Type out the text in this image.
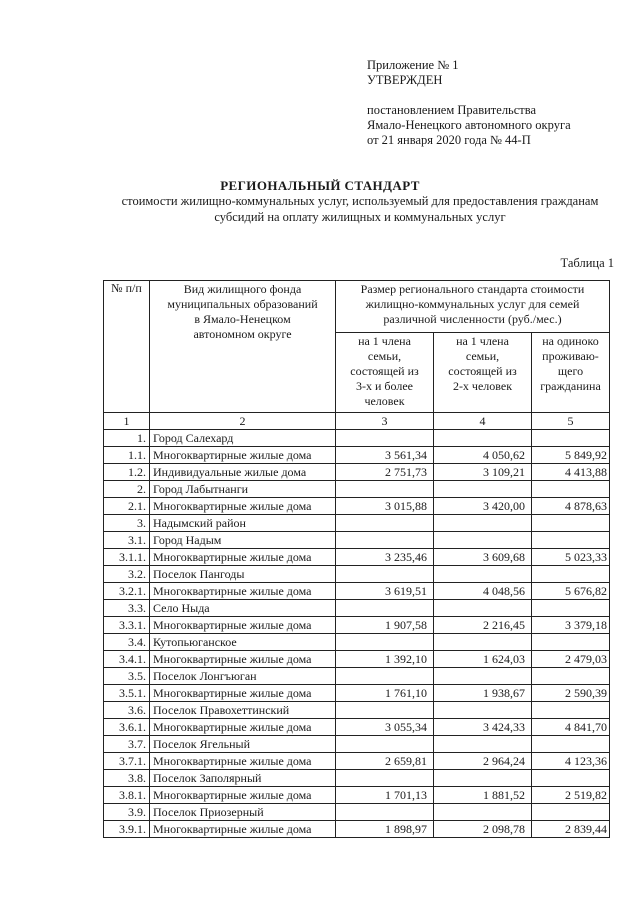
Приложение № 1
УТВЕРЖДЕН
постановлением Правительства
Ямало-Ненецкого автономного округа
от 21 января 2020 года № 44-П
РЕГИОНАЛЬНЫЙ СТАНДАРТ
стоимости жилищно-коммунальных услуг, используемый для предоставления гражданам
субсидий на оплату жилищных и коммунальных услуг
Таблица 1
№ п/п	Вид жилищного фонда муниципальных образований в Ямало-Ненецком автономном округе	Размер регионального стандарта стоимости жилищно-коммунальных услуг для семей различной численности (руб./мес.)		
		на 1 члена семьи, состоящей из 3-х и более человек	на 1 члена семьи, состоящей из 2-х человек	на одиноко проживаю-щего гражданина
1	2	3	4	5
1.	Город Салехард			
1.1.	Многоквартирные жилые дома	3 561,34	4 050,62	5 849,92
1.2.	Индивидуальные жилые дома	2 751,73	3 109,21	4 413,88
2.	Город Лабытнанги			
2.1.	Многоквартирные жилые дома	3 015,88	3 420,00	4 878,63
3.	Надымский район			
3.1.	Город Надым			
3.1.1.	Многоквартирные жилые дома	3 235,46	3 609,68	5 023,33
3.2.	Поселок Пангоды			
3.2.1.	Многоквартирные жилые дома	3 619,51	4 048,56	5 676,82
3.3.	Село Ныда			
3.3.1.	Многоквартирные жилые дома	1 907,58	2 216,45	3 379,18
3.4.	Кутопьюганское			
3.4.1.	Многоквартирные жилые дома	1 392,10	1 624,03	2 479,03
3.5.	Поселок Лонгъюган			
3.5.1.	Многоквартирные жилые дома	1 761,10	1 938,67	2 590,39
3.6.	Поселок Правохеттинский			
3.6.1.	Многоквартирные жилые дома	3 055,34	3 424,33	4 841,70
3.7.	Поселок Ягельный			
3.7.1.	Многоквартирные жилые дома	2 659,81	2 964,24	4 123,36
3.8.	Поселок Заполярный			
3.8.1.	Многоквартирные жилые дома	1 701,13	1 881,52	2 519,82
3.9.	Поселок Приозерный			
3.9.1.	Многоквартирные жилые дома	1 898,97	2 098,78	2 839,44
